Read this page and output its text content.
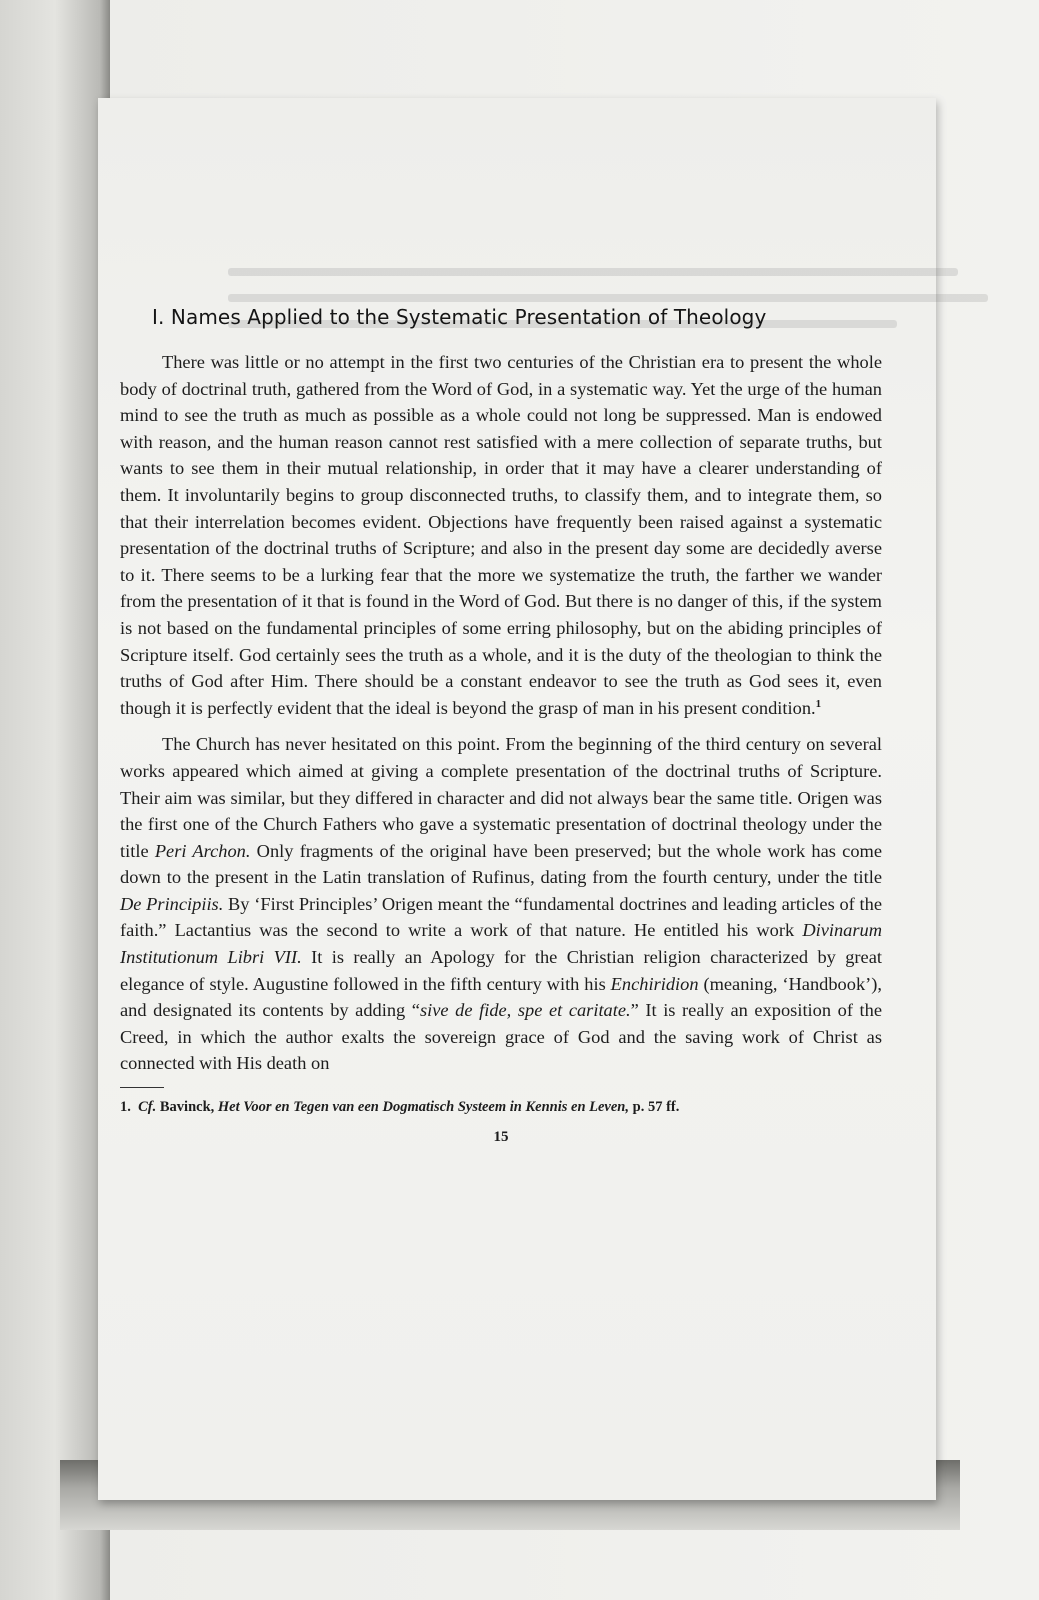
I. Names Applied to the Systematic Presentation of Theology

There was little or no attempt in the first two centuries of the Christian era to present the whole body of doctrinal truth, gathered from the Word of God, in a systematic way. Yet the urge of the human mind to see the truth as much as possible as a whole could not long be suppressed. Man is endowed with reason, and the human reason cannot rest satisfied with a mere collection of separate truths, but wants to see them in their mutual relationship, in order that it may have a clearer understanding of them. It involuntarily begins to group disconnected truths, to classify them, and to integrate them, so that their interrelation becomes evident. Objections have frequently been raised against a systematic presentation of the doctrinal truths of Scripture; and also in the present day some are decidedly averse to it. There seems to be a lurking fear that the more we systematize the truth, the farther we wander from the presentation of it that is found in the Word of God. But there is no danger of this, if the system is not based on the fundamental principles of some erring philosophy, but on the abiding principles of Scripture itself. God certainly sees the truth as a whole, and it is the duty of the theologian to think the truths of God after Him. There should be a constant endeavor to see the truth as God sees it, even though it is perfectly evident that the ideal is beyond the grasp of man in his present condition.$^1$

The Church has never hesitated on this point. From the beginning of the third century on several works appeared which aimed at giving a complete presentation of the doctrinal truths of Scripture. Their aim was similar, but they differed in character and did not always bear the same title. Origen was the first one of the Church Fathers who gave a systematic presentation of doctrinal theology under the title Peri Archon. Only fragments of the original have been preserved; but the whole work has come down to the present in the Latin translation of Rufinus, dating from the fourth century, under the title De Principiis. By ‘First Principles’ Origen meant the “fundamental doctrines and leading articles of the faith.” Lactantius was the second to write a work of that nature. He entitled his work Divinarum Institutionum Libri VII. It is really an Apology for the Christian religion characterized by great elegance of style. Augustine followed in the fifth century with his Enchiridion (meaning, ‘Handbook’), and designated its contents by adding “sive de fide, spe et caritate.” It is really an exposition of the Creed, in which the author exalts the sovereign grace of God and the saving work of Christ as connected with His death on

1. Cf. Bavinck, Het Voor en Tegen van een Dogmatisch Systeem in Kennis en Leven, p. 57 ff.
15
